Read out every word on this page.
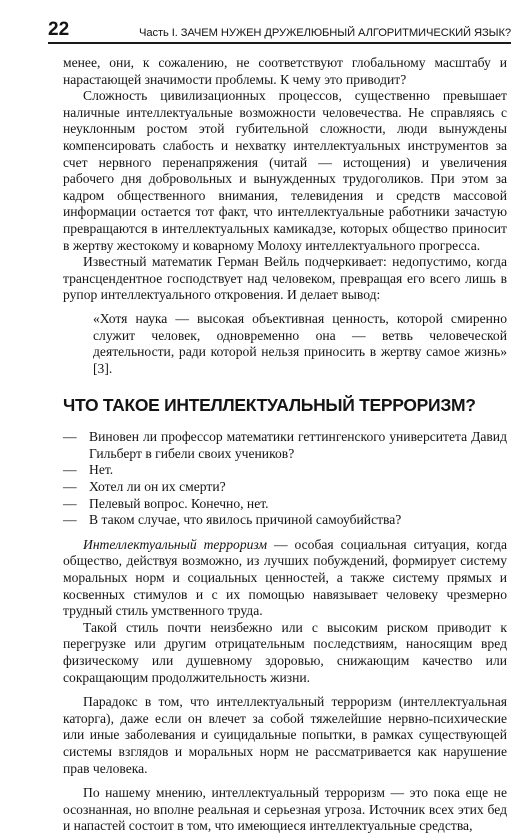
22	Часть I. ЗАЧЕМ НУЖЕН ДРУЖЕЛЮБНЫЙ АЛГОРИТМИЧЕСКИЙ ЯЗЫК?

менее, они, к сожалению, не соответствуют глобальному масштабу и нарастающей значимости проблемы. К чему это приводит?

Сложность цивилизационных процессов, существенно превышает наличные интеллектуальные возможности человечества. Не справляясь с неуклонным ростом этой губительной сложности, люди вынуждены компенсировать слабость и нехватку интеллектуальных инструментов за счет нервного перенапряжения (читай — истощения) и увеличения рабочего дня добровольных и вынужденных трудоголиков. При этом за кадром общественного внимания, телевидения и средств массовой информации остается тот факт, что интеллектуальные работники зачастую превращаются в интеллектуальных камикадзе, которых общество приносит в жертву жестокому и коварному Молоху интеллектуального прогресса.

Известный математик Герман Вейль подчеркивает: недопустимо, когда трансцендентное господствует над человеком, превращая его всего лишь в рупор интеллектуального откровения. И делает вывод:

«Хотя наука — высокая объективная ценность, которой смиренно служит человек, одновременно она — ветвь человеческой деятельности, ради которой нельзя приносить в жертву самое жизнь» [3].

ЧТО ТАКОЕ ИНТЕЛЛЕКТУАЛЬНЫЙ ТЕРРОРИЗМ?

— Виновен ли профессор математики геттингенского университета Давид Гильберт в гибели своих учеников?

— Нет.

— Хотел ли он их смерти?

— Пелевый вопрос. Конечно, нет.

— В таком случае, что явилось причиной самоубийства?

Интеллектуальный терроризм — особая социальная ситуация, когда общество, действуя возможно, из лучших побуждений, формирует систему моральных норм и социальных ценностей, а также систему прямых и косвенных стимулов и с их помощью навязывает человеку чрезмерно трудный стиль умственного труда.

Такой стиль почти неизбежно или с высоким риском приводит к перегрузке или другим отрицательным последствиям, наносящим вред физическому или душевному здоровью, снижающим качество или сокращающим продолжительность жизни.

Парадокс в том, что интеллектуальный терроризм (интеллектуальная каторга), даже если он влечет за собой тяжелейшие нервно-психические или иные заболевания и суицидальные попытки, в рамках существующей системы взглядов и моральных норм не рассматривается как нарушение прав человека.

По нашему мнению, интеллектуальный терроризм — это пока еще не осознанная, но вполне реальная и серьезная угроза. Источник всех этих бед и напастей состоит в том, что имеющиеся интеллектуальные средства,
